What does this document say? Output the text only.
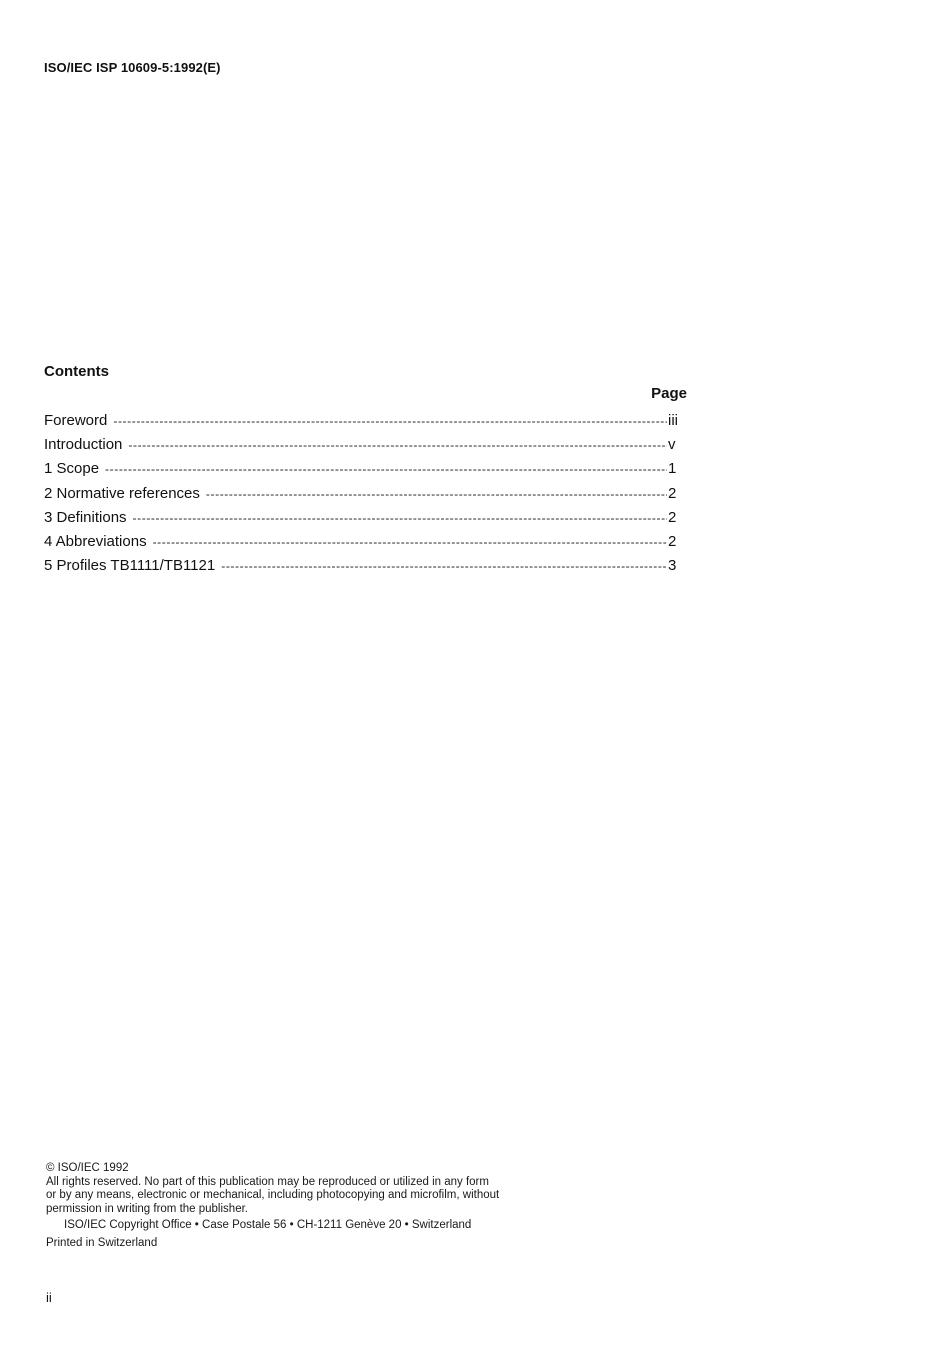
ISO/IEC ISP 10609-5:1992(E)
Contents
Page
Foreword -----	iii
Introduction -----	v
1 Scope -----	1
2 Normative references -----	2
3 Definitions -----	2
4 Abbreviations -----	2
5 Profiles TB1111/TB1121 -----	3
© ISO/IEC 1992
All rights reserved. No part of this publication may be reproduced or utilized in any form
or by any means, electronic or mechanical, including photocopying and microfilm, without
permission in writing from the publisher.
ISO/IEC Copyright Office • Case Postale 56 • CH-1211 Genève 20 • Switzerland
Printed in Switzerland
ii
